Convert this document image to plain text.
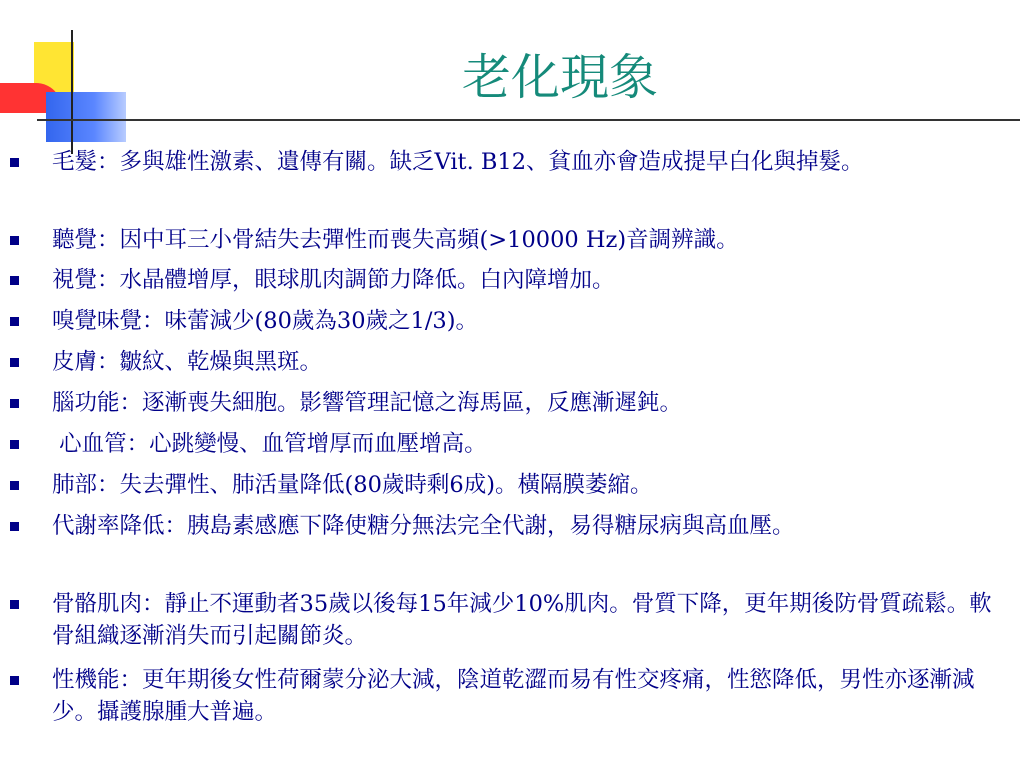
老化現象
毛髮：多與雄性激素、遺傳有關。缺乏Vit. B12、貧血亦會造成提早白化與掉髮。
聽覺：因中耳三小骨結失去彈性而喪失高頻(>10000 Hz)音調辨識。
視覺：水晶體增厚，眼球肌肉調節力降低。白內障增加。
嗅覺味覺：味蕾減少(80歲為30歲之1/3)。
皮膚：皺紋、乾燥與黑斑。
腦功能：逐漸喪失細胞。影響管理記憶之海馬區，反應漸遲鈍。
心血管：心跳變慢、血管增厚而血壓增高。
肺部：失去彈性、肺活量降低(80歲時剩6成)。橫隔膜萎縮。
代謝率降低：胰島素感應下降使糖分無法完全代謝，易得糖尿病與高血壓。
骨骼肌肉：靜止不運動者35歲以後每15年減少10%肌肉。骨質下降，更年期後防骨質疏鬆。軟骨組織逐漸消失而引起關節炎。
性機能：更年期後女性荷爾蒙分泌大減，陰道乾澀而易有性交疼痛，性慾降低，男性亦逐漸減少。攝護腺腫大普遍。
